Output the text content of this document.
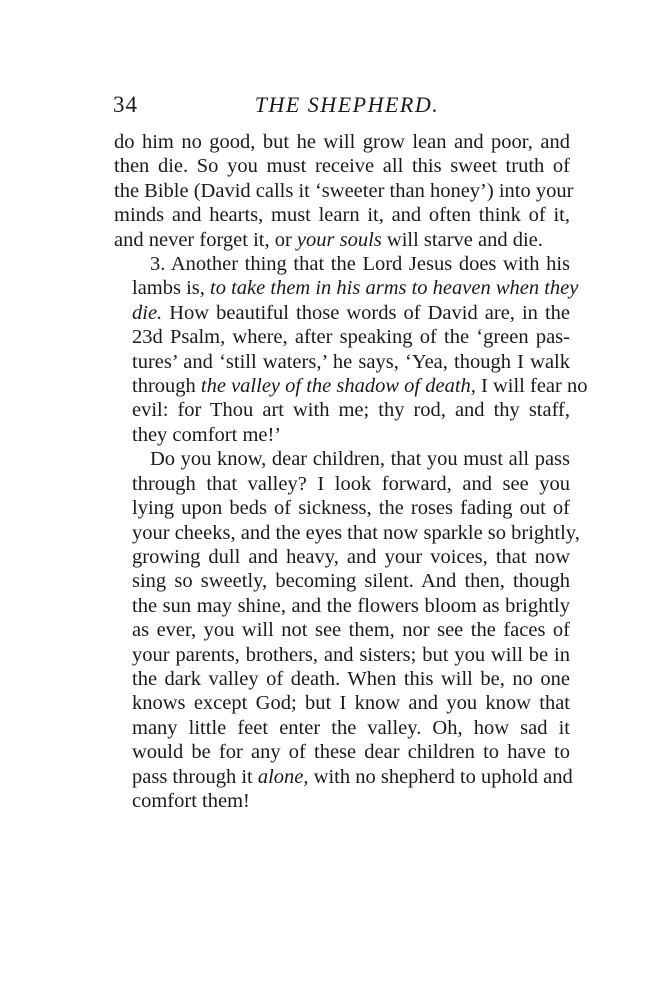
34	THE SHEPHERD.
do him no good, but he will grow lean and poor, and
then die. So you must receive all this sweet truth of
the Bible (David calls it ‘sweeter than honey’) into your
minds and hearts, must learn it, and often think of it,
and never forget it, or your souls will starve and die.
3. Another thing that the Lord Jesus does with his
lambs is, to take them in his arms to heaven when they
die. How beautiful those words of David are, in the
23d Psalm, where, after speaking of the ‘green pas-
tures’ and ‘still waters,’ he says, ‘Yea, though I walk
through the valley of the shadow of death, I will fear no
evil: for Thou art with me; thy rod, and thy staff,
they comfort me!’
Do you know, dear children, that you must all pass
through that valley? I look forward, and see you
lying upon beds of sickness, the roses fading out of
your cheeks, and the eyes that now sparkle so brightly,
growing dull and heavy, and your voices, that now
sing so sweetly, becoming silent. And then, though
the sun may shine, and the flowers bloom as brightly
as ever, you will not see them, nor see the faces of
your parents, brothers, and sisters; but you will be in
the dark valley of death. When this will be, no one
knows except God; but I know and you know that
many little feet enter the valley. Oh, how sad it
would be for any of these dear children to have to
pass through it alone, with no shepherd to uphold and
comfort them!
